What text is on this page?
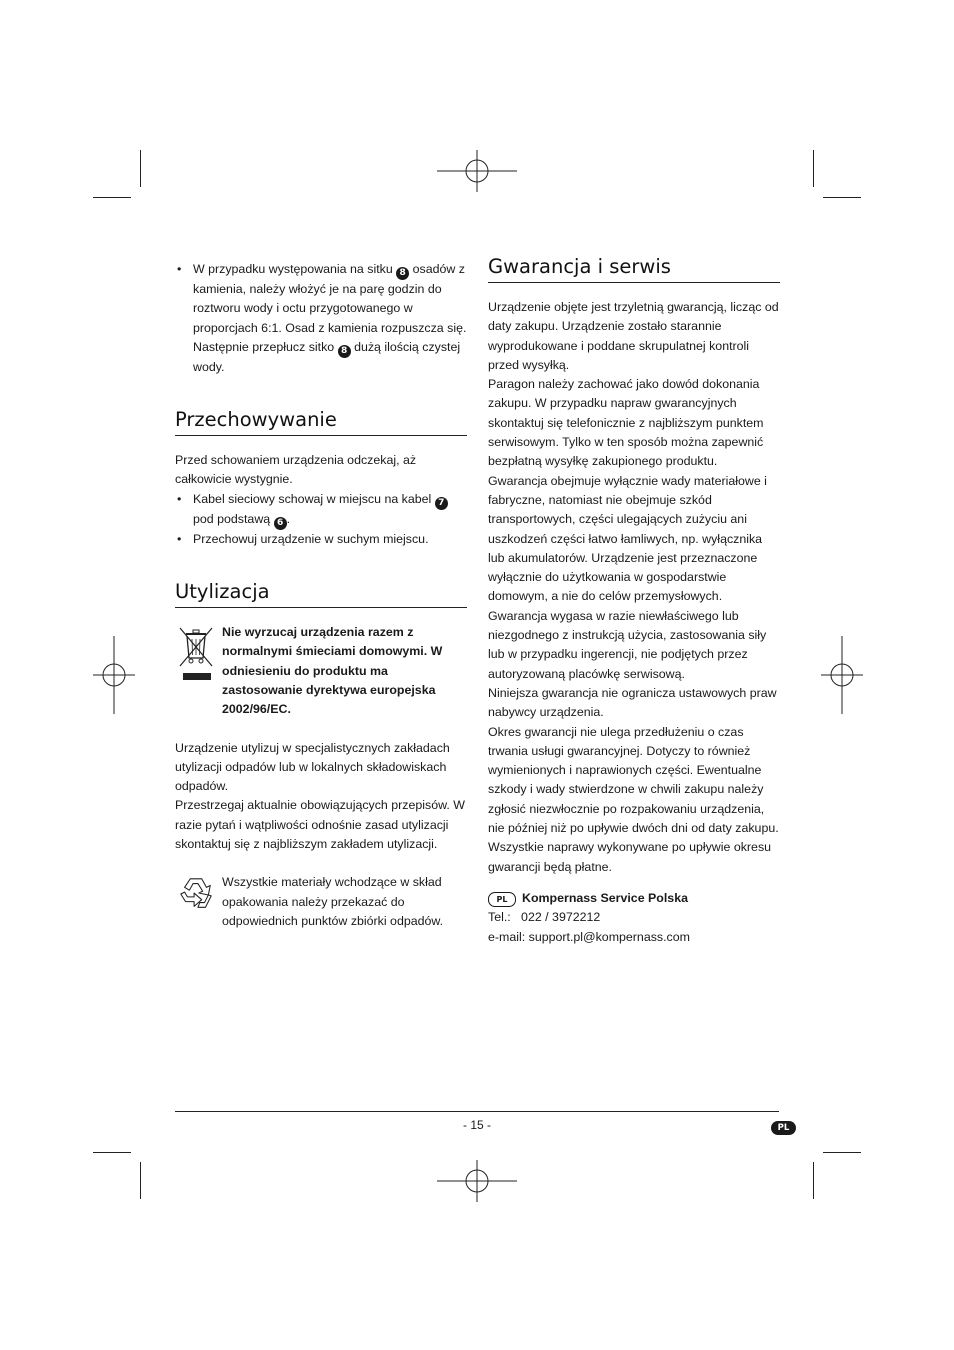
• W przypadku występowania na sitku 8 osadów z kamienia, należy włożyć je na parę godzin do roztworu wody i octu przygotowanego w proporcjach 6:1. Osad z kamienia rozpuszcza się. Następnie przepłucz sitko 8 dużą ilością czystej wody.
Przechowywanie

Przed schowaniem urządzenia odczekaj, aż całkowicie wystygnie.

• Kabel sieciowy schowaj w miejscu na kabel 7 pod podstawą 6 .
• Przechowuj urządzenie w suchym miejscu.
Utylizacja

Nie wyrzucaj urządzenia razem z normalnymi śmieciami domowymi. W odniesieniu do produktu ma zastosowanie dyrektywa europejska 2002/96/EC.

Urządzenie utylizuj w specjalistycznych zakładach utylizacji odpadów lub w lokalnych składowiskach odpadów.

Przestrzegaj aktualnie obowiązujących przepisów. W razie pytań i wątpliwości odnośnie zasad utylizacji skontaktuj się z najbliższym zakładem utylizacji.

Wszystkie materiały wchodzące w skład opakowania należy przekazać do odpowiednich punktów zbiórki odpadów.

Gwarancja i serwis

Urządzenie objęte jest trzyletnią gwarancją, licząc od daty zakupu. Urządzenie zostało starannie wyprodukowane i poddane skrupulatnej kontroli przed wysyłką.

Paragon należy zachować jako dowód dokonania zakupu. W przypadku napraw gwarancyjnych skontaktuj się telefonicznie z najbliższym punktem serwisowym. Tylko w ten sposób można zapewnić bezpłatną wysyłkę zakupionego produktu.

Gwarancja obejmuje wyłącznie wady materiałowe i fabryczne, natomiast nie obejmuje szkód transportowych, części ulegających zużyciu ani uszkodzeń części łatwo łamliwych, np. wyłącznika lub akumulatorów. Urządzenie jest przeznaczone wyłącznie do użytkowania w gospodarstwie domowym, a nie do celów przemysłowych.

Gwarancja wygasa w razie niewłaściwego lub niezgodnego z instrukcją użycia, zastosowania siły lub w przypadku ingerencji, nie podjętych przez autoryzowaną placówkę serwisową.

Niniejsza gwarancja nie ogranicza ustawowych praw nabywcy urządzenia.

Okres gwarancji nie ulega przedłużeniu o czas trwania usługi gwarancyjnej. Dotyczy to również wymienionych i naprawionych części. Ewentualne szkody i wady stwierdzone w chwili zakupu należy zgłosić niezwłocznie po rozpakowaniu urządzenia, nie później niż po upływie dwóch dni od daty zakupu. Wszystkie naprawy wykonywane po upływie okresu gwarancji będą płatne.

PL Kompernass Service Polska

Tel.:   022 / 3972212

e-mail: support.pl@kompernass.com

- 15 -	PL
